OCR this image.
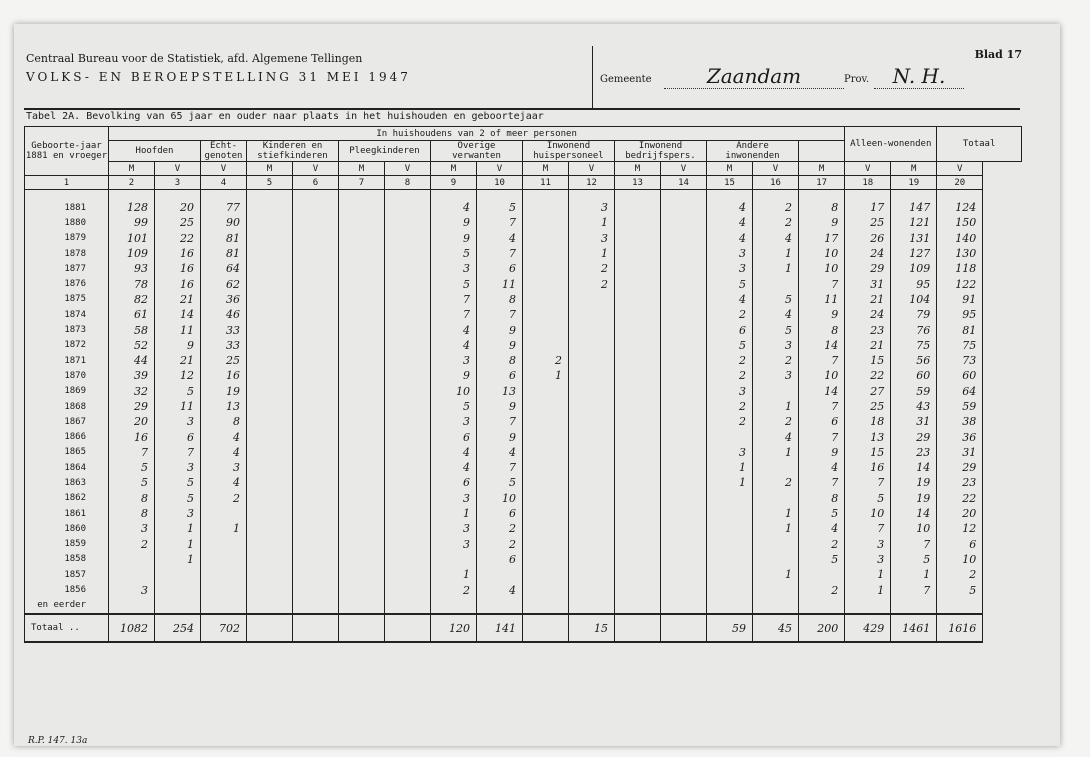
Centraal Bureau voor de Statistiek, afd. Algemene Tellingen
VOLKS- EN BEROEPSTELLING 31 MEI 1947	Gemeente	Zaandam	Prov.	N. H.
Blad 17
Tabel 2A. Bevolking van 65 jaar en ouder naar plaats in het huishouden en geboortejaar
Geboorte-jaar 1881 en vroeger	In huishoudens van 2 of meer personen																Alleen-wonenden		Totaal
	Hoofden		Echt-genoten	Kinderen en stiefkinderen		Pleegkinderen		Overige verwanten		Inwonend huispersoneel		Inwonend bedrijfspers.		Andere inwonenden					
	M	V	V	M	V	M	V	M	V	M	V	M	V	M	V	M	V	M	V
1	2	3	4	5	6	7	8	9	10	11	12	13	14	15	16	17	18	19	20

1881	128	20	77					4	5		3			4	2	8	17	147	124
1880	99	25	90					9	7		1			4	2	9	25	121	150
1879	101	22	81					9	4		3			4	4	17	26	131	140
1878	109	16	81					5	7		1			3	1	10	24	127	130
1877	93	16	64					3	6		2			3	1	10	29	109	118
1876	78	16	62					5	11		2			5		7	31	95	122
1875	82	21	36					7	8					4	5	11	21	104	91
1874	61	14	46					7	7					2	4	9	24	79	95
1873	58	11	33					4	9					6	5	8	23	76	81
1872	52	9	33					4	9					5	3	14	21	75	75
1871	44	21	25					3	8	2				2	2	7	15	56	73
1870	39	12	16					9	6	1				2	3	10	22	60	60
1869	32	5	19					10	13					3		14	27	59	64
1868	29	11	13					5	9					2	1	7	25	43	59
1867	20	3	8					3	7					2	2	6	18	31	38
1866	16	6	4					6	9						4	7	13	29	36
1865	7	7	4					4	4					3	1	9	15	23	31
1864	5	3	3					4	7					1		4	16	14	29
1863	5	5	4					6	5					1	2	7	7	19	23
1862	8	5	2					3	10							8	5	19	22
1861	8	3						1	6						1	5	10	14	20
1860	3	1	1					3	2						1	4	7	10	12
1859	2	1						3	2							2	3	7	6
1858		1							6							5	3	5	10
1857								1							1		1	1	2
1856	3							2	4							2	1	7	5
en eerder																			
Totaal ..	1082	254	702					120	141		15			59	45	200	429	1461	1616
R.P. 147. 13a
